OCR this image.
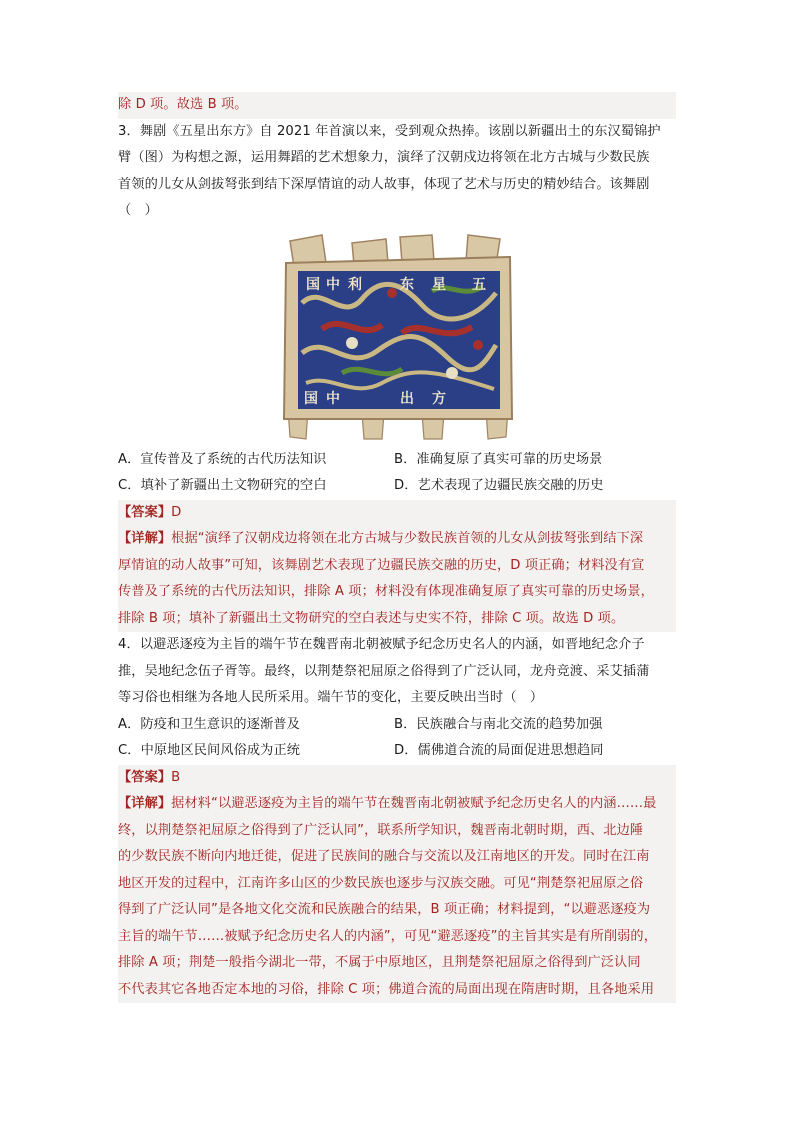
除 D 项。故选 B 项。
3．舞剧《五星出东方》自 2021 年首演以来，受到观众热捧。该剧以新疆出土的东汉蜀锦护
臂（图）为构想之源，运用舞蹈的艺术想象力，演绎了汉朝戍边将领在北方古城与少数民族
首领的儿女从剑拔弩张到结下深厚情谊的动人故事，体现了艺术与历史的精妙结合。该舞剧
（　）
国 中 利	东 星 五
国 中	出 方
A．宣传普及了系统的古代历法知识	B．准确复原了真实可靠的历史场景
C．填补了新疆出土文物研究的空白	D．艺术表现了边疆民族交融的历史
【答案】D
【详解】根据“演绎了汉朝戍边将领在北方古城与少数民族首领的儿女从剑拔弩张到结下深
厚情谊的动人故事”可知，该舞剧艺术表现了边疆民族交融的历史，D 项正确；材料没有宣
传普及了系统的古代历法知识，排除 A 项；材料没有体现准确复原了真实可靠的历史场景，
排除 B 项；填补了新疆出土文物研究的空白表述与史实不符，排除 C 项。故选 D 项。
4．以避恶逐疫为主旨的端午节在魏晋南北朝被赋予纪念历史名人的内涵，如晋地纪念介子
推，吴地纪念伍子胥等。最终，以荆楚祭祀屈原之俗得到了广泛认同，龙舟竞渡、采艾插蒲
等习俗也相继为各地人民所采用。端午节的变化，主要反映出当时（　）
A．防疫和卫生意识的逐渐普及	B．民族融合与南北交流的趋势加强
C．中原地区民间风俗成为正统	D．儒佛道合流的局面促进思想趋同
【答案】B
【详解】据材料“以避恶逐疫为主旨的端午节在魏晋南北朝被赋予纪念历史名人的内涵……最
终，以荆楚祭祀屈原之俗得到了广泛认同”，联系所学知识，魏晋南北朝时期，西、北边陲
的少数民族不断向内地迁徙，促进了民族间的融合与交流以及江南地区的开发。同时在江南
地区开发的过程中，江南许多山区的少数民族也逐步与汉族交融。可见“荆楚祭祀屈原之俗
得到了广泛认同”是各地文化交流和民族融合的结果，B 项正确；材料提到，“以避恶逐疫为
主旨的端午节……被赋予纪念历史名人的内涵”，可见“避恶逐疫”的主旨其实是有所削弱的，
排除 A 项；荆楚一般指今湖北一带，不属于中原地区，且荆楚祭祀屈原之俗得到广泛认同
不代表其它各地否定本地的习俗，排除 C 项；佛道合流的局面出现在隋唐时期，且各地采用
